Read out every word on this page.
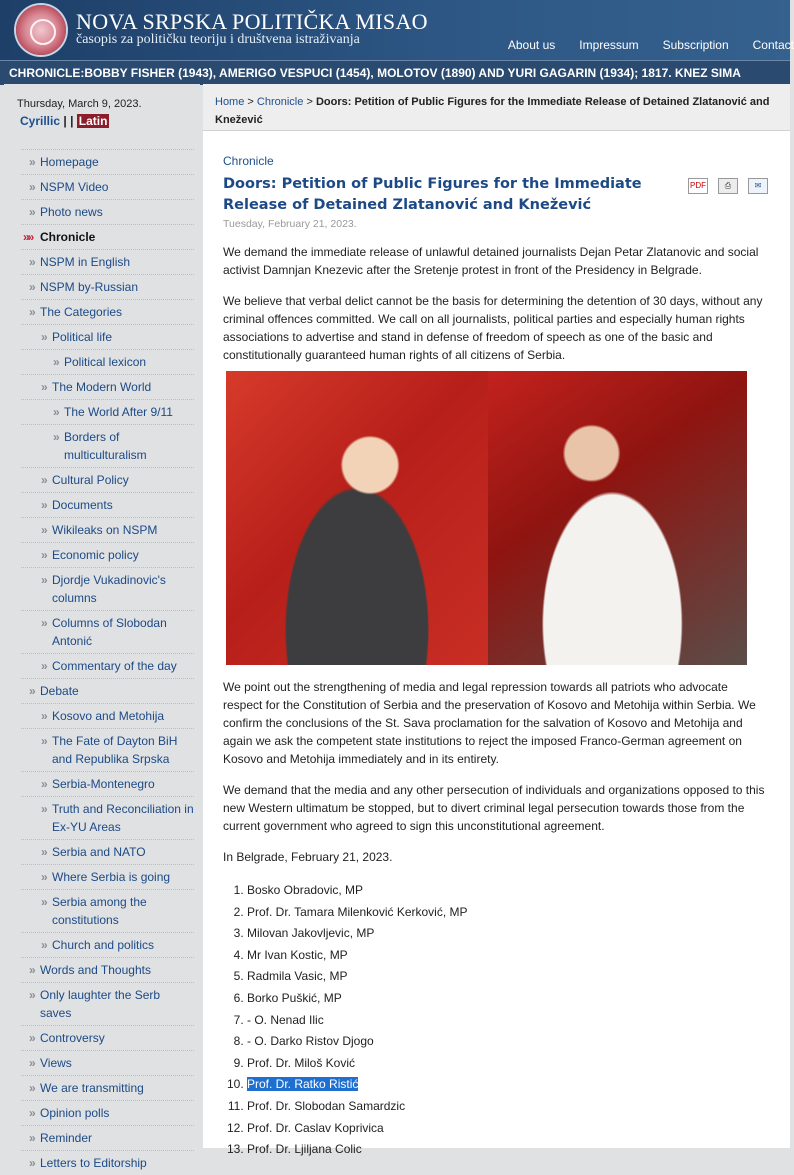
NOVA SRPSKA POLITIČKA MISAO
časopis za političku teoriju i društvena istraživanja	About us Impressum Subscription Contact
CHRONICLE:BOBBY FISHER (1943), AMERIGO VESPUCI (1454), MOLOTOV (1890) AND YURI GAGARIN (1934); 1817. KNEZ SIMA
Thursday, March 9, 2023.
Cyrillic | | Latin
» Homepage
» NSPM Video
» Photo news
»» Chronicle
» NSPM in English
» NSPM by-Russian
» The Categories
» Political life
» Political lexicon
» The Modern World
» The World After 9/11
» Borders of multiculturalism
» Cultural Policy
» Documents
» Wikileaks on NSPM
» Economic policy
» Djordje Vukadinovic's columns
» Columns of Slobodan Antonić
» Commentary of the day
» Debate
» Kosovo and Metohija
» The Fate of Dayton BiH and Republika Srpska
» Serbia-Montenegro
» Truth and Reconciliation in Ex-YU Areas
» Serbia and NATO
» Where Serbia is going
» Serbia among the constitutions
» Church and politics
» Words and Thoughts
» Only laughter the Serb saves
» Controversy
» Views
» We are transmitting
» Opinion polls
» Reminder
» Letters to Editorship
Home > Chronicle > Doors: Petition of Public Figures for the Immediate Release of Detained Zlatanović and Knežević
Chronicle
PDF	⎙	✉
Doors: Petition of Public Figures for the Immediate Release of Detained Zlatanović and Knežević
Tuesday, February 21, 2023.

We demand the immediate release of unlawful detained journalists Dejan Petar Zlatanovic and social activist Damnjan Knezevic after the Sretenje protest in front of the Presidency in Belgrade.

We believe that verbal delict cannot be the basis for determining the detention of 30 days, without any criminal offences committed. We call on all journalists, political parties and especially human rights associations to advertise and stand in defense of freedom of speech as one of the basic and constitutionally guaranteed human rights of all citizens of Serbia.

We point out the strengthening of media and legal repression towards all patriots who advocate respect for the Constitution of Serbia and the preservation of Kosovo and Metohija within Serbia. We confirm the conclusions of the St. Sava proclamation for the salvation of Kosovo and Metohija and again we ask the competent state institutions to reject the imposed Franco-German agreement on Kosovo and Metohija immediately and in its entirety.

We demand that the media and any other persecution of individuals and organizations opposed to this new Western ultimatum be stopped, but to divert criminal legal persecution towards those from the current government who agreed to sign this unconstitutional agreement.

In Belgrade, February 21, 2023.

1. Bosko Obradovic, MP
2. Prof. Dr. Tamara Milenković Kerković, MP
3. Milovan Jakovljevic, MP
4. Mr Ivan Kostic, MP
5. Radmila Vasic, MP
6. Borko Puškić, MP
7. - O. Nenad Ilic
8. - O. Darko Ristov Djogo
9. Prof. Dr. Miloš Ković
10. Prof. Dr. Ratko Ristić
11. Prof. Dr. Slobodan Samardzic
12. Prof. Dr. Caslav Koprivica
13. Prof. Dr. Ljiljana Colic
